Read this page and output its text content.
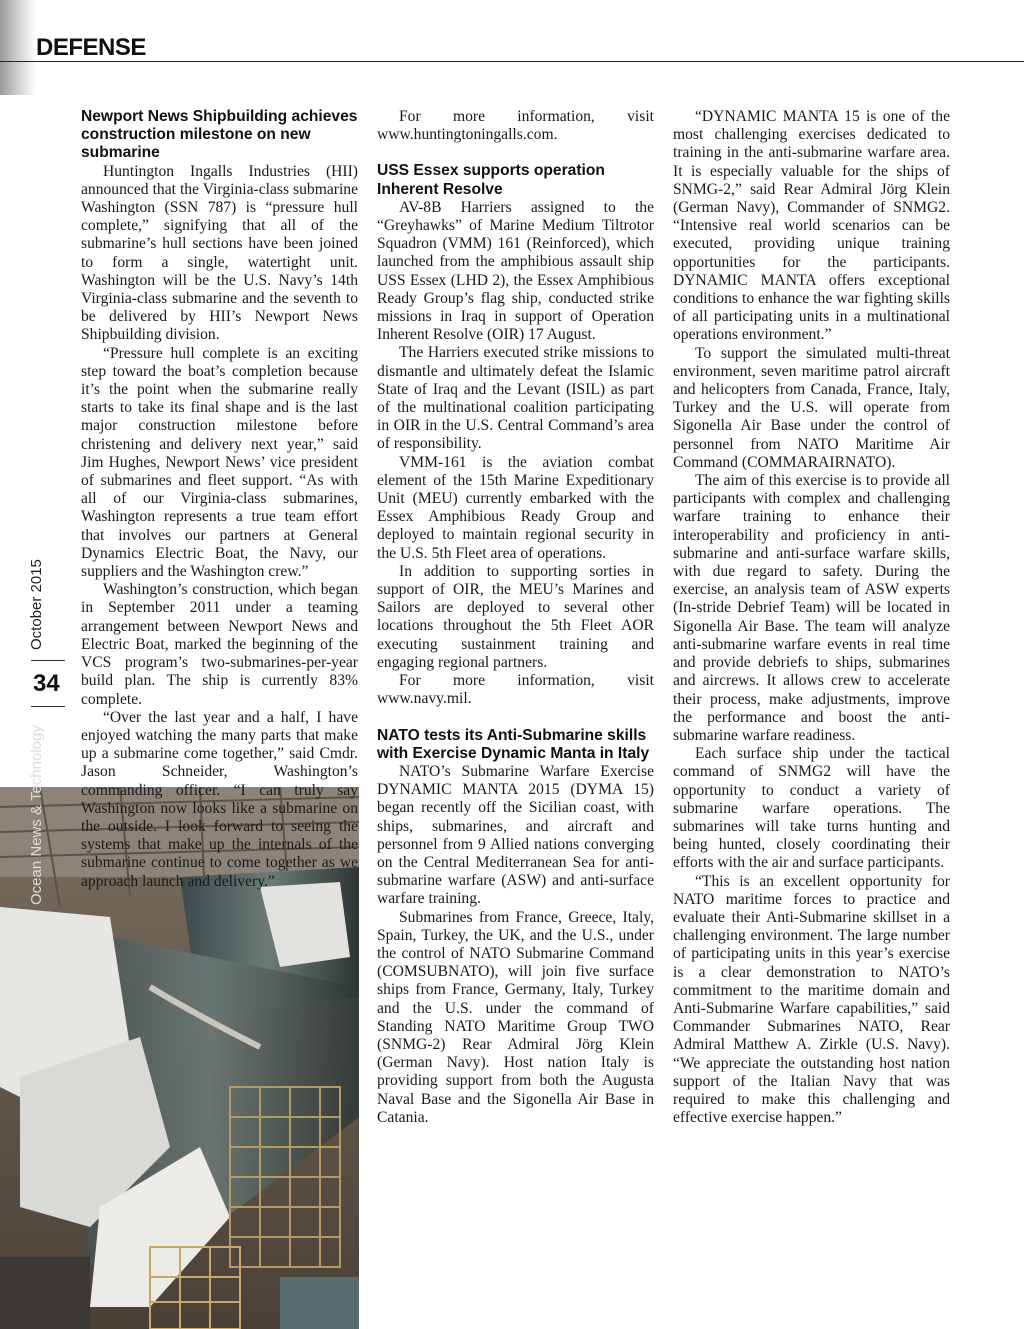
DEFENSE
October 2015
34
Ocean News & Technology
Newport News Shipbuilding achieves construction milestone on new submarine

Huntington Ingalls Industries (HII) announced that the Virginia-class submarine Washington (SSN 787) is “pressure hull complete,” signifying that all of the submarine’s hull sections have been joined to form a single, watertight unit. Washington will be the U.S. Navy’s 14th Virginia-class submarine and the seventh to be delivered by HII’s Newport News Shipbuilding division.

“Pressure hull complete is an exciting step toward the boat’s completion because it’s the point when the submarine really starts to take its final shape and is the last major construction milestone before christening and delivery next year,” said Jim Hughes, Newport News’ vice president of submarines and fleet support. “As with all of our Virginia-class submarines, Washington represents a true team effort that involves our partners at General Dynamics Electric Boat, the Navy, our suppliers and the Washington crew.”

Washington’s construction, which began in September 2011 under a teaming arrangement between Newport News and Electric Boat, marked the beginning of the VCS program’s two-submarines-per-year build plan. The ship is currently 83% complete.

“Over the last year and a half, I have enjoyed watching the many parts that make up a submarine come together,” said Cmdr. Jason Schneider, Washington’s commanding officer. “I can truly say Washington now looks like a submarine on the outside. I look forward to seeing the systems that make up the internals of the submarine continue to come together as we approach launch and delivery.”

For more information, visit www.huntingtoningalls.com.

USS Essex supports operation Inherent Resolve

AV-8B Harriers assigned to the “Greyhawks” of Marine Medium Tiltrotor Squadron (VMM) 161 (Reinforced), which launched from the amphibious assault ship USS Essex (LHD 2), the Essex Amphibious Ready Group’s flag ship, conducted strike missions in Iraq in support of Operation Inherent Resolve (OIR) 17 August.

The Harriers executed strike missions to dismantle and ultimately defeat the Islamic State of Iraq and the Levant (ISIL) as part of the multinational coalition participating in OIR in the U.S. Central Command’s area of responsibility.

VMM-161 is the aviation combat element of the 15th Marine Expeditionary Unit (MEU) currently embarked with the Essex Amphibious Ready Group and deployed to maintain regional security in the U.S. 5th Fleet area of operations.

In addition to supporting sorties in support of OIR, the MEU’s Marines and Sailors are deployed to several other locations throughout the 5th Fleet AOR executing sustainment training and engaging regional partners.

For more information, visit www.navy.mil.

NATO tests its Anti-Submarine skills with Exercise Dynamic Manta in Italy

NATO’s Submarine Warfare Exercise DYNAMIC MANTA 2015 (DYMA 15) began recently off the Sicilian coast, with ships, submarines, and aircraft and personnel from 9 Allied nations converging on the Central Mediterranean Sea for anti-submarine warfare (ASW) and anti-surface warfare training.

Submarines from France, Greece, Italy, Spain, Turkey, the UK, and the U.S., under the control of NATO Submarine Command (COMSUBNATO), will join five surface ships from France, Germany, Italy, Turkey and the U.S. under the command of Standing NATO Maritime Group TWO (SNMG-2) Rear Admiral Jörg Klein (German Navy). Host nation Italy is providing support from both the Augusta Naval Base and the Sigonella Air Base in Catania.

“DYNAMIC MANTA 15 is one of the most challenging exercises dedicated to training in the anti-submarine warfare area. It is especially valuable for the ships of SNMG-2,” said Rear Admiral Jörg Klein (German Navy), Commander of SNMG2. “Intensive real world scenarios can be executed, providing unique training opportunities for the participants. DYNAMIC MANTA offers exceptional conditions to enhance the war fighting skills of all participating units in a multinational operations environment.”

To support the simulated multi-threat environment, seven maritime patrol aircraft and helicopters from Canada, France, Italy, Turkey and the U.S. will operate from Sigonella Air Base under the control of personnel from NATO Maritime Air Command (COMMARAIRNATO).

The aim of this exercise is to provide all participants with complex and challenging warfare training to enhance their interoperability and proficiency in anti-submarine and anti-surface warfare skills, with due regard to safety. During the exercise, an analysis team of ASW experts (In-stride Debrief Team) will be located in Sigonella Air Base. The team will analyze anti-submarine warfare events in real time and provide debriefs to ships, submarines and aircrews. It allows crew to accelerate their process, make adjustments, improve the performance and boost the anti-submarine warfare readiness.

Each surface ship under the tactical command of SNMG2 will have the opportunity to conduct a variety of submarine warfare operations. The submarines will take turns hunting and being hunted, closely coordinating their efforts with the air and surface participants.

“This is an excellent opportunity for NATO maritime forces to practice and evaluate their Anti-Submarine skillset in a challenging environment. The large number of participating units in this year’s exercise is a clear demonstration to NATO’s commitment to the maritime domain and Anti-Submarine Warfare capabilities,” said Commander Submarines NATO, Rear Admiral Matthew A. Zirkle (U.S. Navy). “We appreciate the outstanding host nation support of the Italian Navy that was required to make this challenging and effective exercise happen.”
